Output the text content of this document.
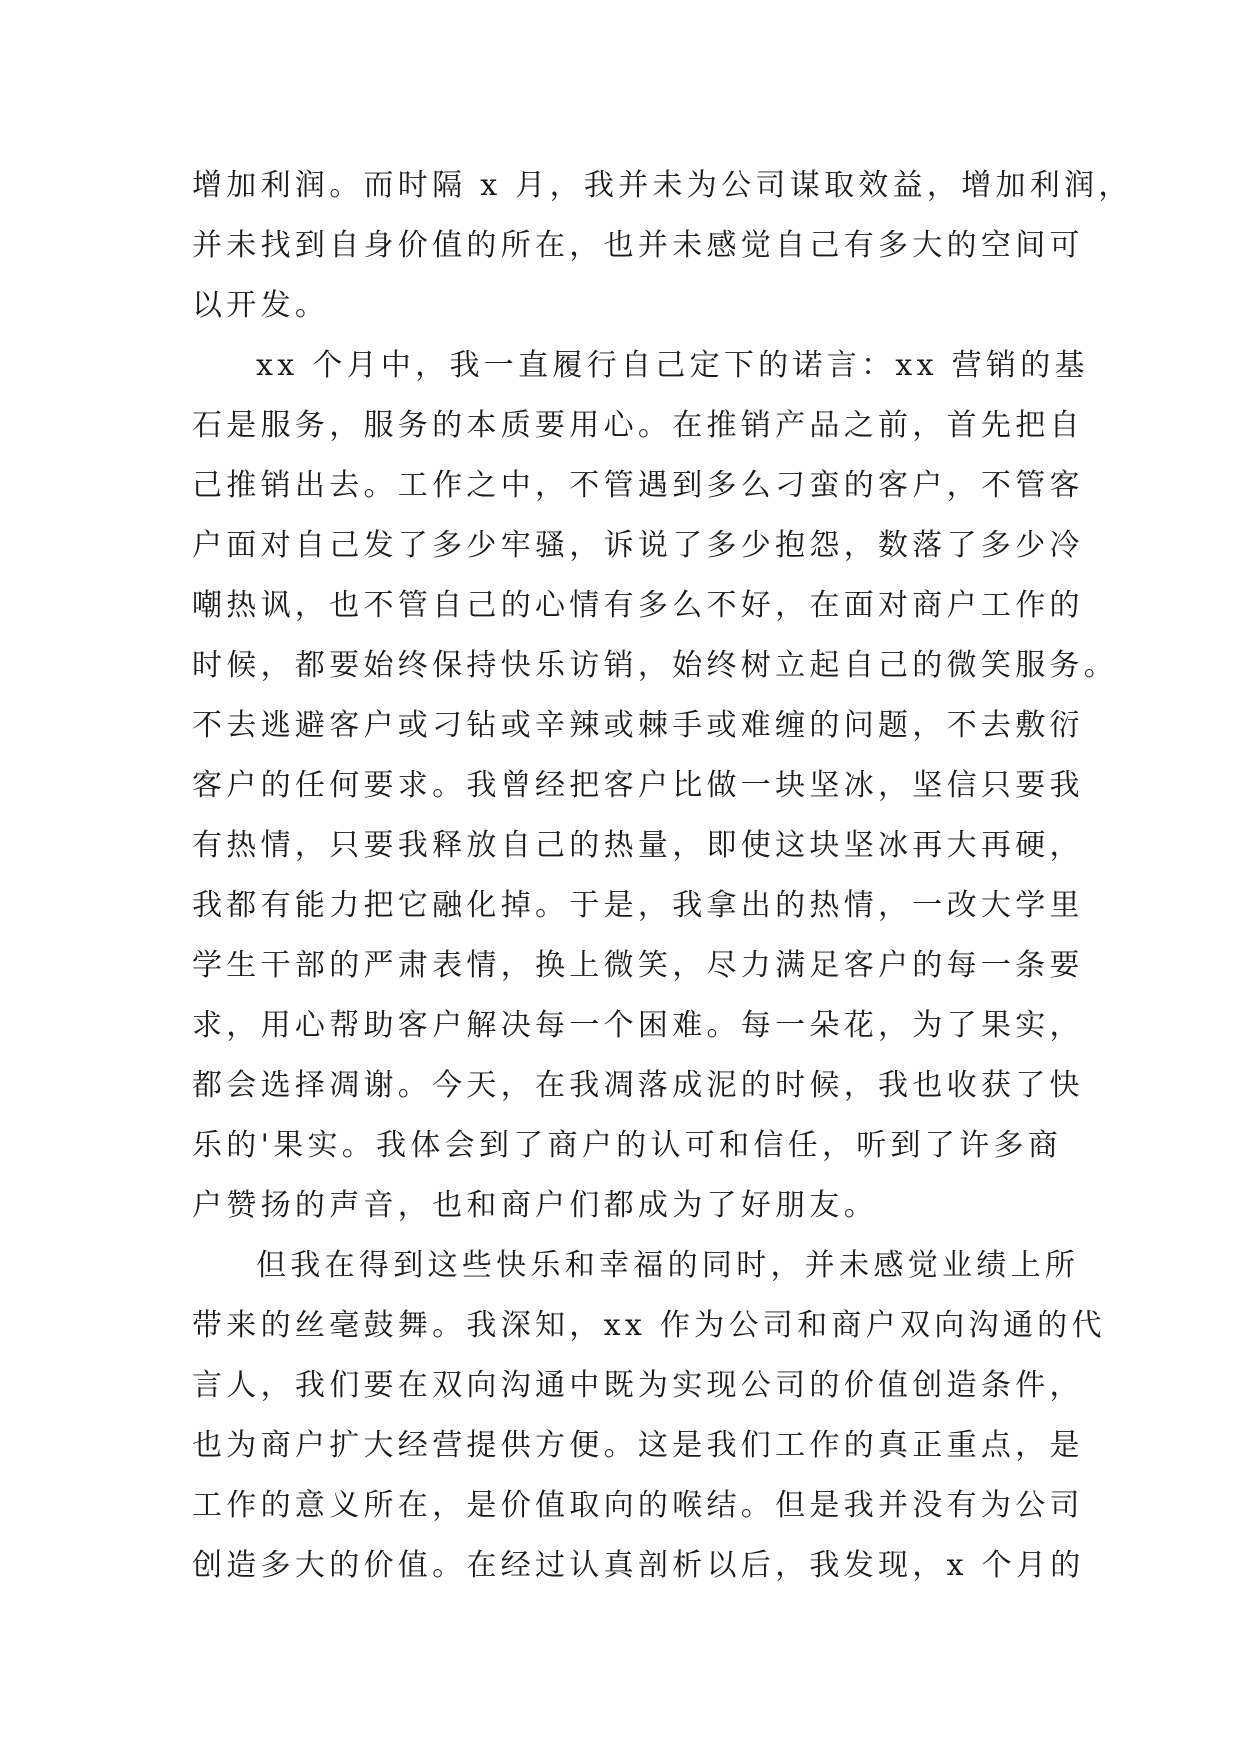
增加利润。而时隔 x 月，我并未为公司谋取效益，增加利润，
并未找到自身价值的所在，也并未感觉自己有多大的空间可
以开发。
xx 个月中，我一直履行自己定下的诺言：xx 营销的基
石是服务，服务的本质要用心。在推销产品之前，首先把自
己推销出去。工作之中，不管遇到多么刁蛮的客户，不管客
户面对自己发了多少牢骚，诉说了多少抱怨，数落了多少冷
嘲热讽，也不管自己的心情有多么不好，在面对商户工作的
时候，都要始终保持快乐访销，始终树立起自己的微笑服务。
不去逃避客户或刁钻或辛辣或棘手或难缠的问题，不去敷衍
客户的任何要求。我曾经把客户比做一块坚冰，坚信只要我
有热情，只要我释放自己的热量，即使这块坚冰再大再硬，
我都有能力把它融化掉。于是，我拿出的热情，一改大学里
学生干部的严肃表情，换上微笑，尽力满足客户的每一条要
求，用心帮助客户解决每一个困难。每一朵花，为了果实，
都会选择凋谢。今天，在我凋落成泥的时候，我也收获了快
乐的'果实。我体会到了商户的认可和信任，听到了许多商
户赞扬的声音，也和商户们都成为了好朋友。
但我在得到这些快乐和幸福的同时，并未感觉业绩上所
带来的丝毫鼓舞。我深知，xx 作为公司和商户双向沟通的代
言人，我们要在双向沟通中既为实现公司的价值创造条件，
也为商户扩大经营提供方便。这是我们工作的真正重点，是
工作的意义所在，是价值取向的喉结。但是我并没有为公司
创造多大的价值。在经过认真剖析以后，我发现，x 个月的
